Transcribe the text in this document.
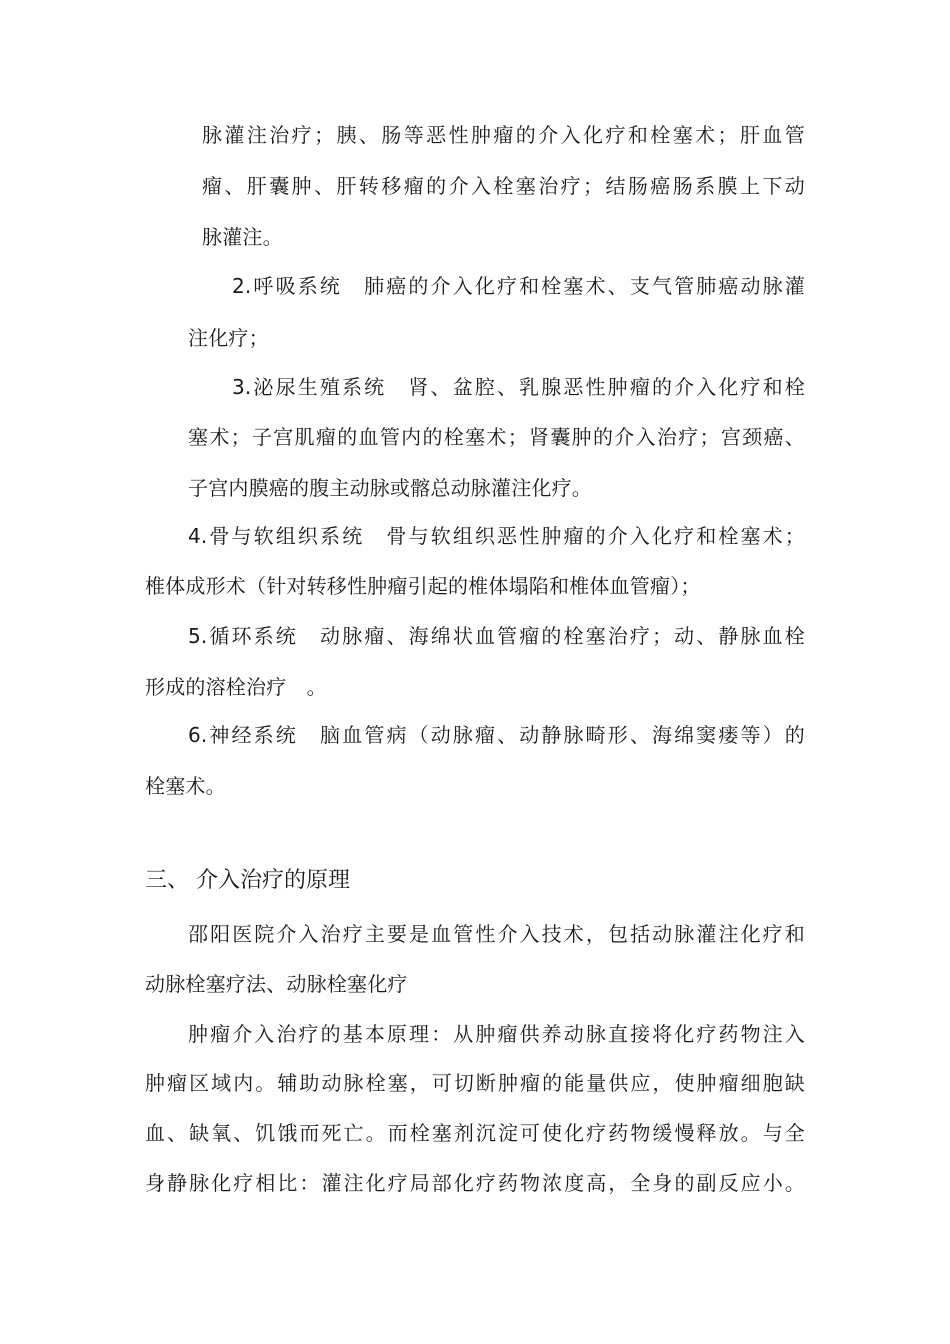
脉灌注治疗；胰、肠等恶性肿瘤的介入化疗和栓塞术；肝血管
瘤、肝囊肿、肝转移瘤的介入栓塞治疗；结肠癌肠系膜上下动
脉灌注。
2.呼吸系统　肺癌的介入化疗和栓塞术、支气管肺癌动脉灌
注化疗；
3.泌尿生殖系统　肾、盆腔、乳腺恶性肿瘤的介入化疗和栓
塞术；子宫肌瘤的血管内的栓塞术；肾囊肿的介入治疗；宫颈癌、
子宫内膜癌的腹主动脉或髂总动脉灌注化疗。
4.骨与软组织系统　骨与软组织恶性肿瘤的介入化疗和栓塞术；
椎体成形术（针对转移性肿瘤引起的椎体塌陷和椎体血管瘤）；
5.循环系统　动脉瘤、海绵状血管瘤的栓塞治疗；动、静脉血栓
形成的溶栓治疗　。
6.神经系统　脑血管病（动脉瘤、动静脉畸形、海绵窦瘘等）的
栓塞术。
三、 介入治疗的原理
邵阳医院介入治疗主要是血管性介入技术，包括动脉灌注化疗和
动脉栓塞疗法、动脉栓塞化疗
肿瘤介入治疗的基本原理：从肿瘤供养动脉直接将化疗药物注入
肿瘤区域内。辅助动脉栓塞，可切断肿瘤的能量供应，使肿瘤细胞缺
血、缺氧、饥饿而死亡。而栓塞剂沉淀可使化疗药物缓慢释放。与全
身静脉化疗相比：灌注化疗局部化疗药物浓度高，全身的副反应小。
